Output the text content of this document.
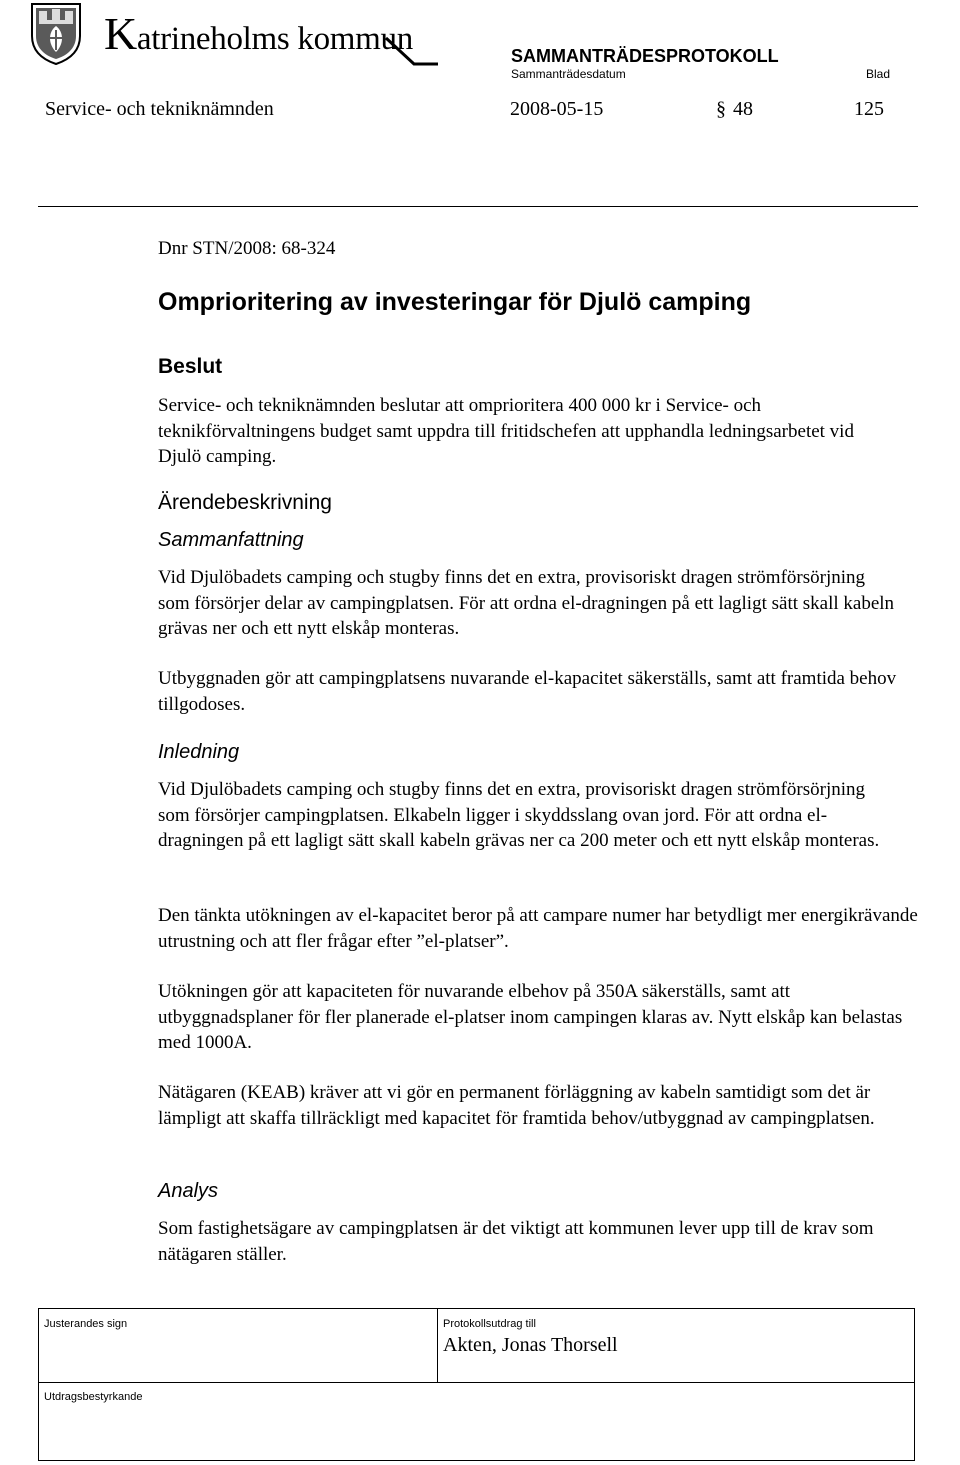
Katrineholms kommun	SAMMANTRÄDESPROTOKOLL
Sammanträdesdatum	Blad
Service- och tekniknämnden	2008-05-15	§ 48	125
Dnr STN/2008: 68-324
Omprioritering av investeringar för Djulö camping
Beslut

Service- och tekniknämnden beslutar att omprioritera 400 000 kr i Service- och teknikförvaltningens budget samt uppdra till fritidschefen att upphandla ledningsarbetet vid Djulö camping.

Ärendebeskrivning
Sammanfattning

Vid Djulöbadets camping och stugby finns det en extra, provisoriskt dragen strömförsörjning som försörjer delar av campingplatsen. För att ordna el-dragningen på ett lagligt sätt skall kabeln grävas ner och ett nytt elskåp monteras.

Utbyggnaden gör att campingplatsens nuvarande el-kapacitet säkerställs, samt att framtida behov tillgodoses.

Inledning

Vid Djulöbadets camping och stugby finns det en extra, provisoriskt dragen strömförsörjning som försörjer campingplatsen. Elkabeln ligger i skyddsslang ovan jord. För att ordna el-dragningen på ett lagligt sätt skall kabeln grävas ner ca 200 meter och ett nytt elskåp monteras.

Den tänkta utökningen av el-kapacitet beror på att campare numer har betydligt mer energikrävande utrustning och att fler frågar efter ”el-platser”.

Utökningen gör att kapaciteten för nuvarande elbehov på 350A säkerställs, samt att utbyggnadsplaner för fler planerade el-platser inom campingen klaras av. Nytt elskåp kan belastas med 1000A.

Nätägaren (KEAB) kräver att vi gör en permanent förläggning av kabeln samtidigt som det är lämpligt att skaffa tillräckligt med kapacitet för framtida behov/utbyggnad av campingplatsen.

Analys

Som fastighetsägare av campingplatsen är det viktigt att kommunen lever upp till de krav som nätägaren ställer.

Justerandes sign	Protokollsutdrag till
Akten, Jonas Thorsell
Utdragsbestyrkande
